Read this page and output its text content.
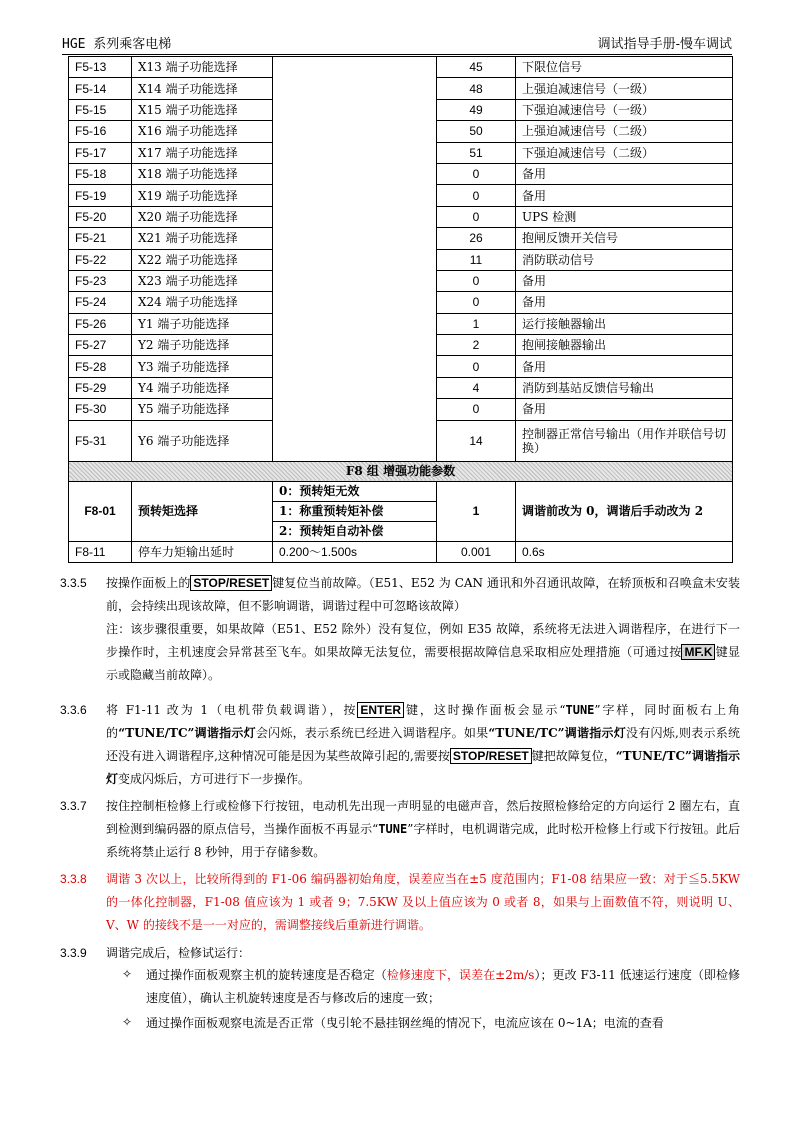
HGE 系列乘客电梯	调试指导手册-慢车调试
F5-13	X13 端子功能选择		45	下限位信号
F5-14	X14 端子功能选择		48	上强迫减速信号（一级）
F5-15	X15 端子功能选择		49	下强迫减速信号（一级）
F5-16	X16 端子功能选择		50	上强迫减速信号（二级）
F5-17	X17 端子功能选择		51	下强迫减速信号（二级）
F5-18	X18 端子功能选择		0	备用
F5-19	X19 端子功能选择		0	备用
F5-20	X20 端子功能选择		0	UPS 检测
F5-21	X21 端子功能选择		26	抱闸反馈开关信号
F5-22	X22 端子功能选择		11	消防联动信号
F5-23	X23 端子功能选择		0	备用
F5-24	X24 端子功能选择		0	备用
F5-26	Y1 端子功能选择		1	运行接触器输出
F5-27	Y2 端子功能选择		2	抱闸接触器输出
F5-28	Y3 端子功能选择		0	备用
F5-29	Y4 端子功能选择		4	消防到基站反馈信号输出
F5-30	Y5 端子功能选择		0	备用
F5-31	Y6 端子功能选择		14	控制器正常信号输出（用作并联信号切换）
F8 组 增强功能参数				
F8-01	预转矩选择	0：预转矩无效	1	调谐前改为 0，调谐后手动改为 2
		1：称重预转矩补偿		
		2：预转矩自动补偿		
F8-11	停车力矩输出延时	0.200～1.500s	0.001	0.6s
3.3.5	按操作面板上的 STOP/RESET 键复位当前故障。（E51、E52 为 CAN 通讯和外召通讯故障，在轿顶板和召唤盒未安装前，会持续出现该故障，但不影响调谐，调谐过程中可忽略该故障）
注：该步骤很重要，如果故障（E51、E52 除外）没有复位，例如 E35 故障，系统将无法进入调谐程序，在进行下一步操作时，主机速度会异常甚至飞车。如果故障无法复位，需要根据故障信息采取相应处理措施（可通过按 MF.K 键显示或隐藏当前故障）。
3.3.6	将 F1-11 改为 1（电机带负载调谐），按 ENTER 键，这时操作面板会显示“TUNE”字样，同时面板右上角的“TUNE/TC”调谐指示灯会闪烁，表示系统已经进入调谐程序。如果“TUNE/TC”调谐指示灯没有闪烁,则表示系统还没有进入调谐程序,这种情况可能是因为某些故障引起的,需要按 STOP/RESET 键把故障复位，“TUNE/TC”调谐指示灯变成闪烁后，方可进行下一步操作。
3.3.7	按住控制柜检修上行或检修下行按钮，电动机先出现一声明显的电磁声音，然后按照检修给定的方向运行 2 圈左右，直到检测到编码器的原点信号，当操作面板不再显示“TUNE”字样时，电机调谐完成，此时松开检修上行或下行按钮。此后系统将禁止运行 8 秒钟，用于存储参数。
3.3.8	调谐 3 次以上，比较所得到的 F1-06 编码器初始角度，误差应当在±5 度范围内；F1-08 结果应一致：对于≦5.5KW 的一体化控制器，F1-08 值应该为 1 或者 9；7.5KW 及以上值应该为 0 或者 8，如果与上面数值不符，则说明 U、V、W 的接线不是一一对应的，需调整接线后重新进行调谐。
3.3.9	调谐完成后，检修试运行：
✧	通过操作面板观察主机的旋转速度是否稳定（检修速度下，误差在±2m/s）；更改 F3-11 低速运行速度（即检修速度值），确认主机旋转速度是否与修改后的速度一致；
✧	通过操作面板观察电流是否正常（曳引轮不悬挂钢丝绳的情况下，电流应该在 0~1A；电流的查看
